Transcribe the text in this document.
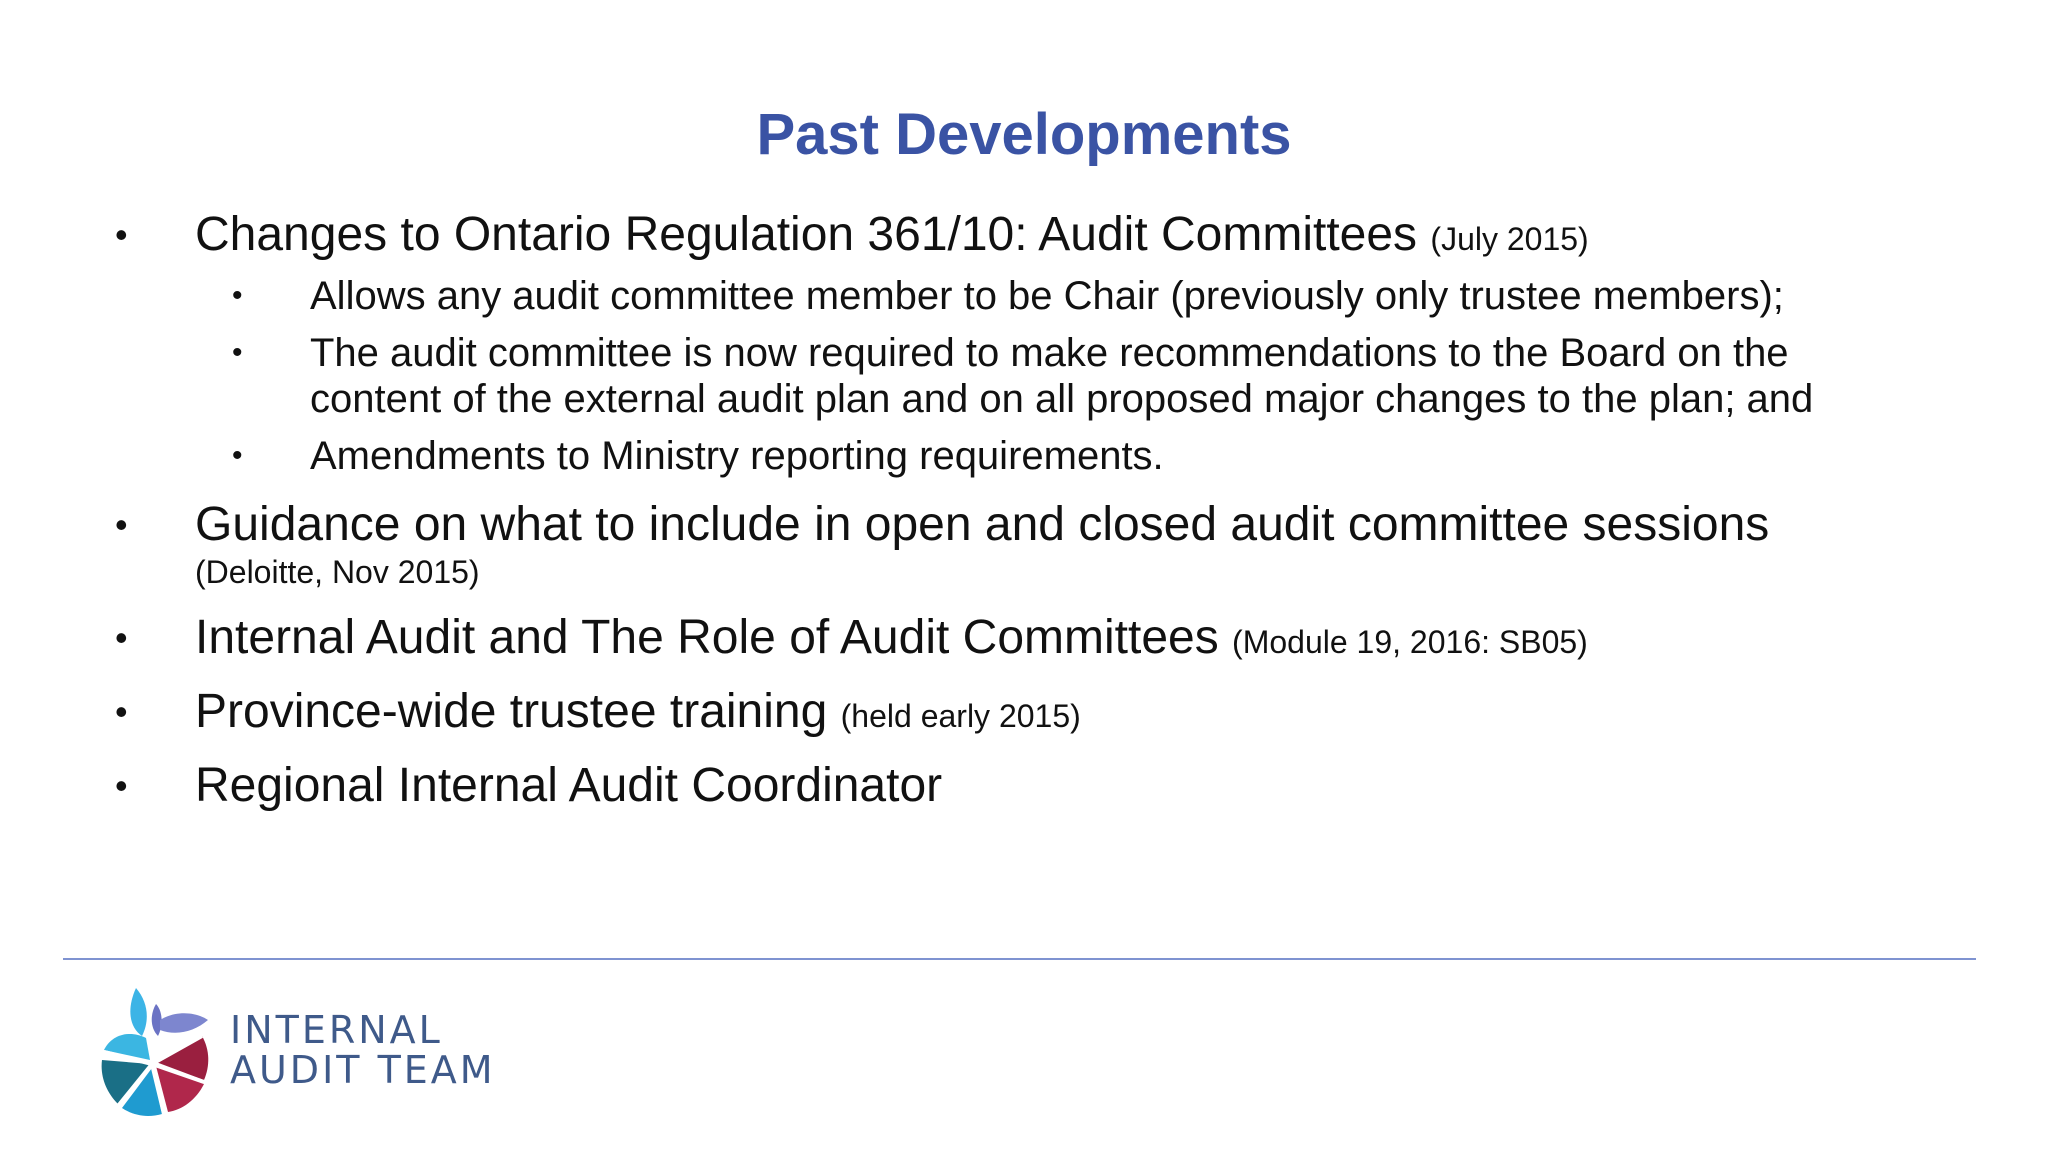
Past Developments
• Changes to Ontario Regulation 361/10: Audit Committees (July 2015)
• Allows any audit committee member to be Chair (previously only trustee members);
• The audit committee is now required to make recommendations to the Board on the content of the external audit plan and on all proposed major changes to the plan; and
• Amendments to Ministry reporting requirements.
• Guidance on what to include in open and closed audit committee sessions
(Deloitte, Nov 2015)
• Internal Audit and The Role of Audit Committees (Module 19, 2016: SB05)
• Province-wide trustee training (held early 2015)
• Regional Internal Audit Coordinator
INTERNAL
AUDIT TEAM
